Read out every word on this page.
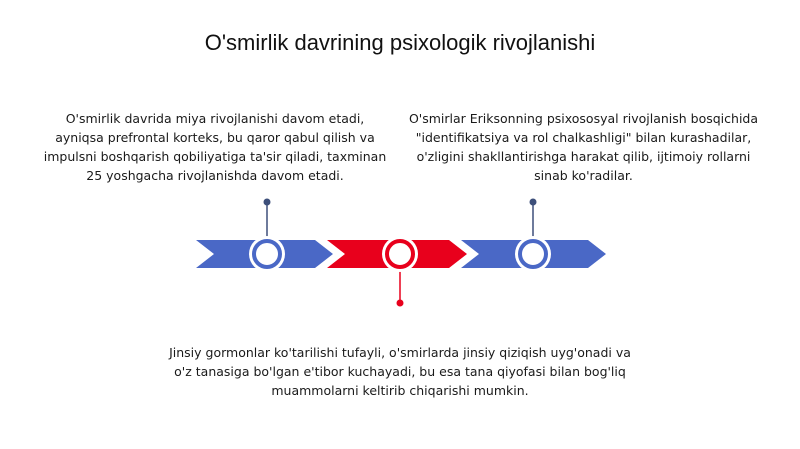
O'smirlik davrining psixologik rivojlanishi
O'smirlik davrida miya rivojlanishi davom etadi, ayniqsa prefrontal korteks, bu qaror qabul qilish va impulsni boshqarish qobiliyatiga ta'sir qiladi, taxminan 25 yoshgacha rivojlanishda davom etadi.
O'smirlar Eriksonning psixososyal rivojlanish bosqichida "identifikatsiya va rol chalkashligi" bilan kurashadilar, o'zligini shakllantirishga harakat qilib, ijtimoiy rollarni sinab ko'radilar.
Jinsiy gormonlar ko'tarilishi tufayli, o'smirlarda jinsiy qiziqish uyg'onadi va o'z tanasiga bo'lgan e'tibor kuchayadi, bu esa tana qiyofasi bilan bog'liq muammolarni keltirib chiqarishi mumkin.
